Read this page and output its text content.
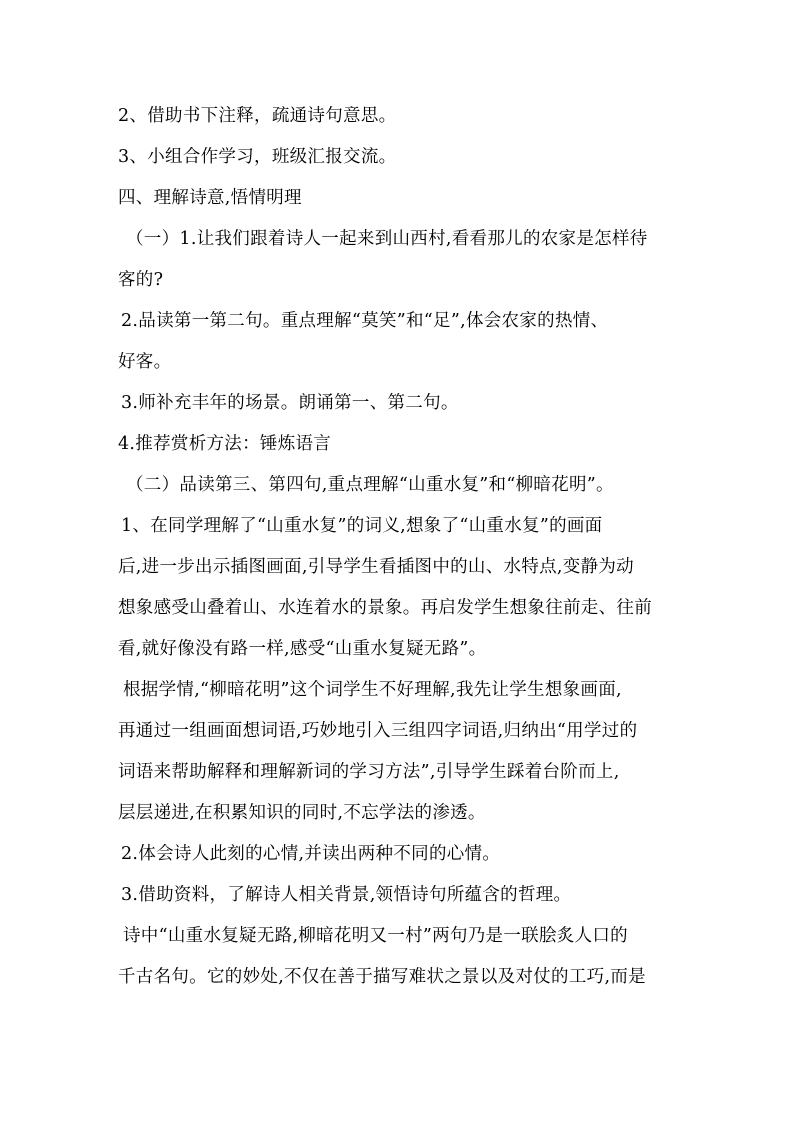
2、借助书下注释，疏通诗句意思。
3、小组合作学习，班级汇报交流。
四、理解诗意,悟情明理
（一）1.让我们跟着诗人一起来到山西村,看看那儿的农家是怎样待
客的?
2.品读第一第二句。重点理解“莫笑”和“足”,体会农家的热情、
好客。
3.师补充丰年的场景。朗诵第一、第二句。
4.推荐赏析方法：锤炼语言
（二）品读第三、第四句,重点理解“山重水复”和“柳暗花明”。
1、在同学理解了“山重水复”的词义,想象了“山重水复”的画面
后,进一步出示插图画面,引导学生看插图中的山、水特点,变静为动
想象感受山叠着山、水连着水的景象。再启发学生想象往前走、往前
看,就好像没有路一样,感受“山重水复疑无路”。
根据学情,“柳暗花明”这个词学生不好理解,我先让学生想象画面,
再通过一组画面想词语,巧妙地引入三组四字词语,归纳出“用学过的
词语来帮助解释和理解新词的学习方法”,引导学生踩着台阶而上,
层层递进,在积累知识的同时,不忘学法的渗透。
2.体会诗人此刻的心情,并读出两种不同的心情。
3.借助资料，了解诗人相关背景,领悟诗句所蕴含的哲理。
诗中“山重水复疑无路,柳暗花明又一村”两句乃是一联脍炙人口的
千古名句。它的妙处,不仅在善于描写难状之景以及对仗的工巧,而是
